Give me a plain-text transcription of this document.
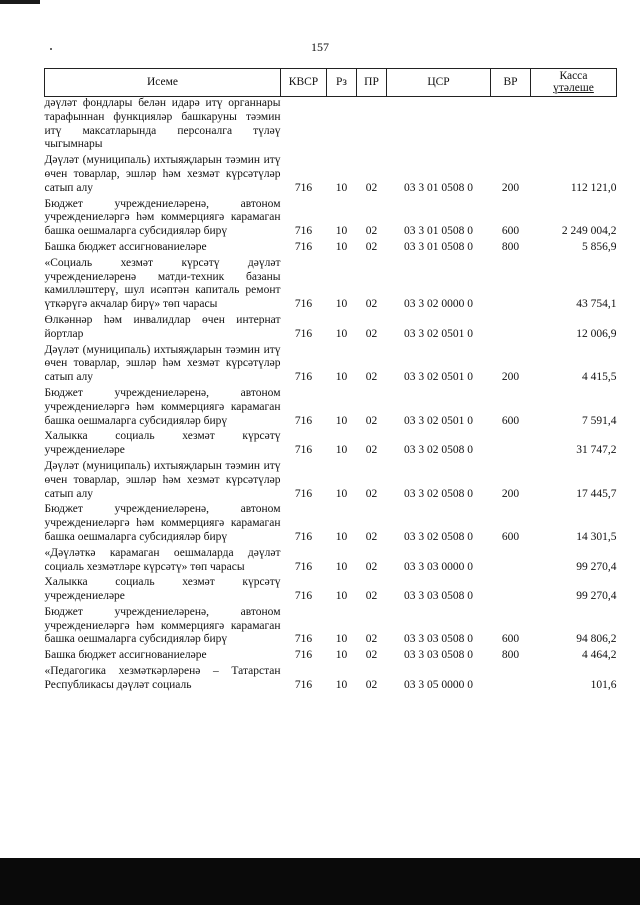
157
Исеме	КВСР	Рз	ПР	ЦСР	ВР	Касса
үтәлеше

дәүләт фондлары белән идарә итү органнары тарафыннан функцияләр башкаруны тәэмин итү максатларында персоналга түләү чыгымнары						
Дәүләт (муниципаль) ихтыяҗларын тәэмин итү өчен товарлар, эшләр һәм хезмәт күрсәтүләр сатып алу	716	10	02	03 3 01 0508 0	200	112 121,0
Бюджет учреждениеләренә, автоном учреждениеләргә һәм коммерциягә карамаган башка оешмаларга субсидияләр бирү	716	10	02	03 3 01 0508 0	600	2 249 004,2
Башка бюджет ассигнованиеләре	716	10	02	03 3 01 0508 0	800	5 856,9
«Социаль хезмәт күрсәтү дәүләт учреждениеләренә матди-техник базаны камилләштерү, шул исәптән капиталь ремонт үткәрүгә акчалар бирү» төп чарасы	716	10	02	03 3 02 0000 0		43 754,1
Өлкәннәр һәм инвалидлар өчен интернат йортлар	716	10	02	03 3 02 0501 0		12 006,9
Дәүләт (муниципаль) ихтыяҗларын тәэмин итү өчен товарлар, эшләр һәм хезмәт күрсәтүләр сатып алу	716	10	02	03 3 02 0501 0	200	4 415,5
Бюджет учреждениеләренә, автоном учреждениеләргә һәм коммерциягә карамаган башка оешмаларга субсидияләр бирү	716	10	02	03 3 02 0501 0	600	7 591,4
Халыкка социаль хезмәт күрсәтү учреждениеләре	716	10	02	03 3 02 0508 0		31 747,2
Дәүләт (муниципаль) ихтыяҗларын тәэмин итү өчен товарлар, эшләр һәм хезмәт күрсәтүләр сатып алу	716	10	02	03 3 02 0508 0	200	17 445,7
Бюджет учреждениеләренә, автоном учреждениеләргә һәм коммерциягә карамаган башка оешмаларга субсидияләр бирү	716	10	02	03 3 02 0508 0	600	14 301,5
«Дәүләткә карамаган оешмаларда дәүләт социаль хезмәтләре күрсәтү» төп чарасы	716	10	02	03 3 03 0000 0		99 270,4
Халыкка социаль хезмәт күрсәтү учреждениеләре	716	10	02	03 3 03 0508 0		99 270,4
Бюджет учреждениеләренә, автоном учреждениеләргә һәм коммерциягә карамаган башка оешмаларга субсидияләр бирү	716	10	02	03 3 03 0508 0	600	94 806,2
Башка бюджет ассигнованиеләре	716	10	02	03 3 03 0508 0	800	4 464,2
«Педагогика хезмәткәрләренә – Татарстан Республикасы дәүләт социаль	716	10	02	03 3 05 0000 0		101,6
